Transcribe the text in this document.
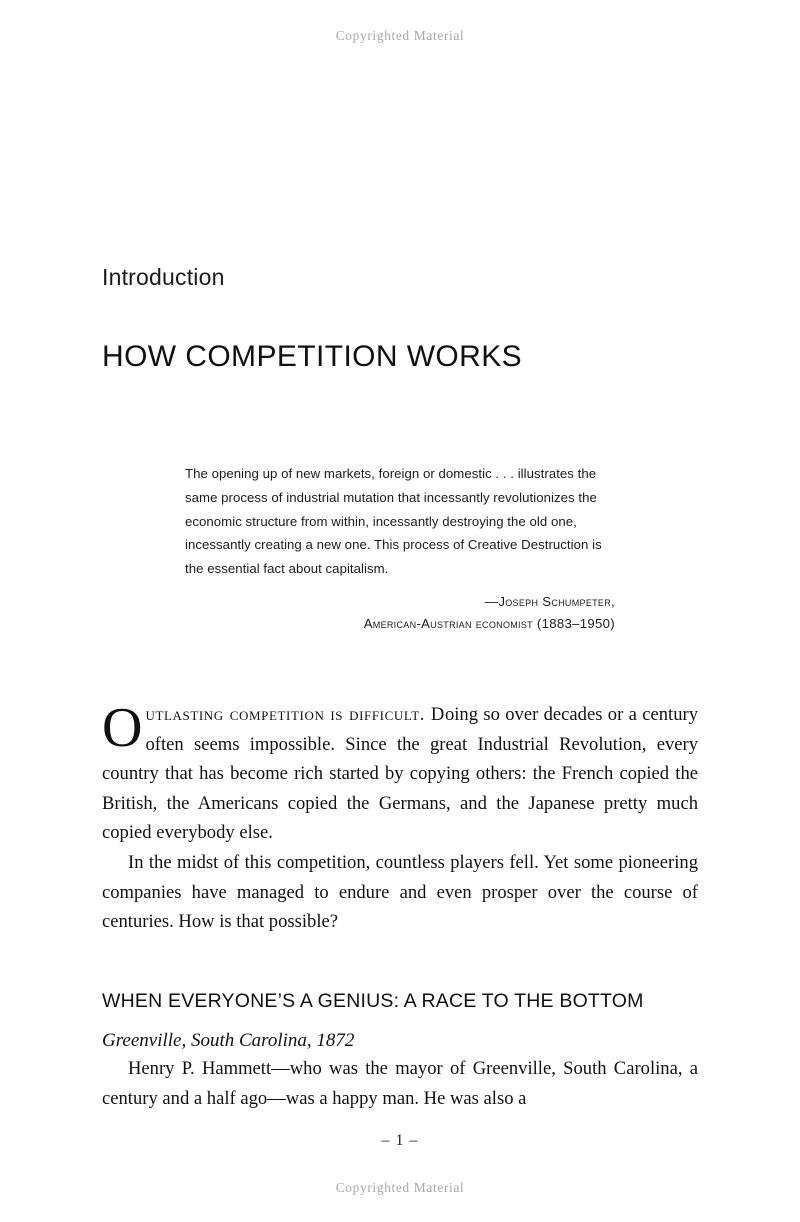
Copyrighted Material
Introduction
HOW COMPETITION WORKS
The opening up of new markets, foreign or domestic . . . illustrates the same process of industrial mutation that incessantly revolutionizes the economic structure from within, incessantly destroying the old one, incessantly creating a new one. This process of Creative Destruction is the essential fact about capitalism.
—Joseph Schumpeter,
American-Austrian economist (1883–1950)

Outlasting competition is difficult. Doing so over decades or a century often seems impossible. Since the great Industrial Revolution, every country that has become rich started by copying others: the French copied the British, the Americans copied the Germans, and the Japanese pretty much copied everybody else.

In the midst of this competition, countless players fell. Yet some pioneering companies have managed to endure and even prosper over the course of centuries. How is that possible?

WHEN EVERYONE’S A GENIUS: A RACE TO THE BOTTOM
Greenville, South Carolina, 1872

Henry P. Hammett—who was the mayor of Greenville, South Carolina, a century and a half ago—was a happy man. He was also a

– 1 –
Copyrighted Material
